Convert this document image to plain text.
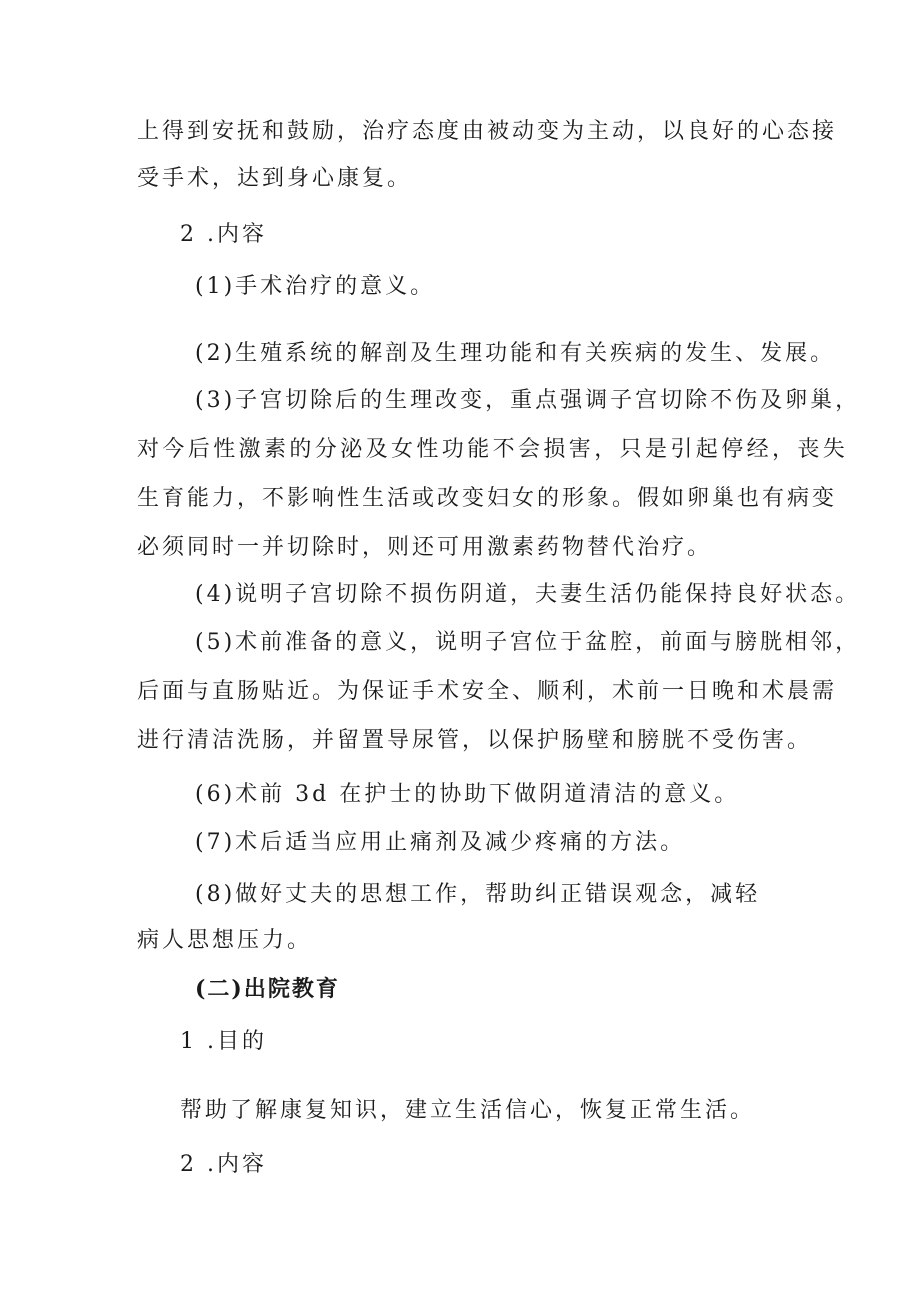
上得到安抚和鼓励，治疗态度由被动变为主动，以良好的心态接

受手术，达到身心康复。

2 .内容

(1)手术治疗的意义。

(2)生殖系统的解剖及生理功能和有关疾病的发生、发展。

(3)子宫切除后的生理改变，重点强调子宫切除不伤及卵巢，

对今后性激素的分泌及女性功能不会损害，只是引起停经，丧失

生育能力，不影响性生活或改变妇女的形象。假如卵巢也有病变

必须同时一并切除时，则还可用激素药物替代治疗。

(4)说明子宫切除不损伤阴道，夫妻生活仍能保持良好状态。

(5)术前准备的意义，说明子宫位于盆腔，前面与膀胱相邻，

后面与直肠贴近。为保证手术安全、顺利，术前一日晚和术晨需

进行清洁洗肠，并留置导尿管，以保护肠壁和膀胱不受伤害。

(6)术前 3d 在护士的协助下做阴道清洁的意义。

(7)术后适当应用止痛剂及减少疼痛的方法。

(8)做好丈夫的思想工作，帮助纠正错误观念，减轻

病人思想压力。

(二)出院教育

1 .目的

帮助了解康复知识，建立生活信心，恢复正常生活。

2 .内容
